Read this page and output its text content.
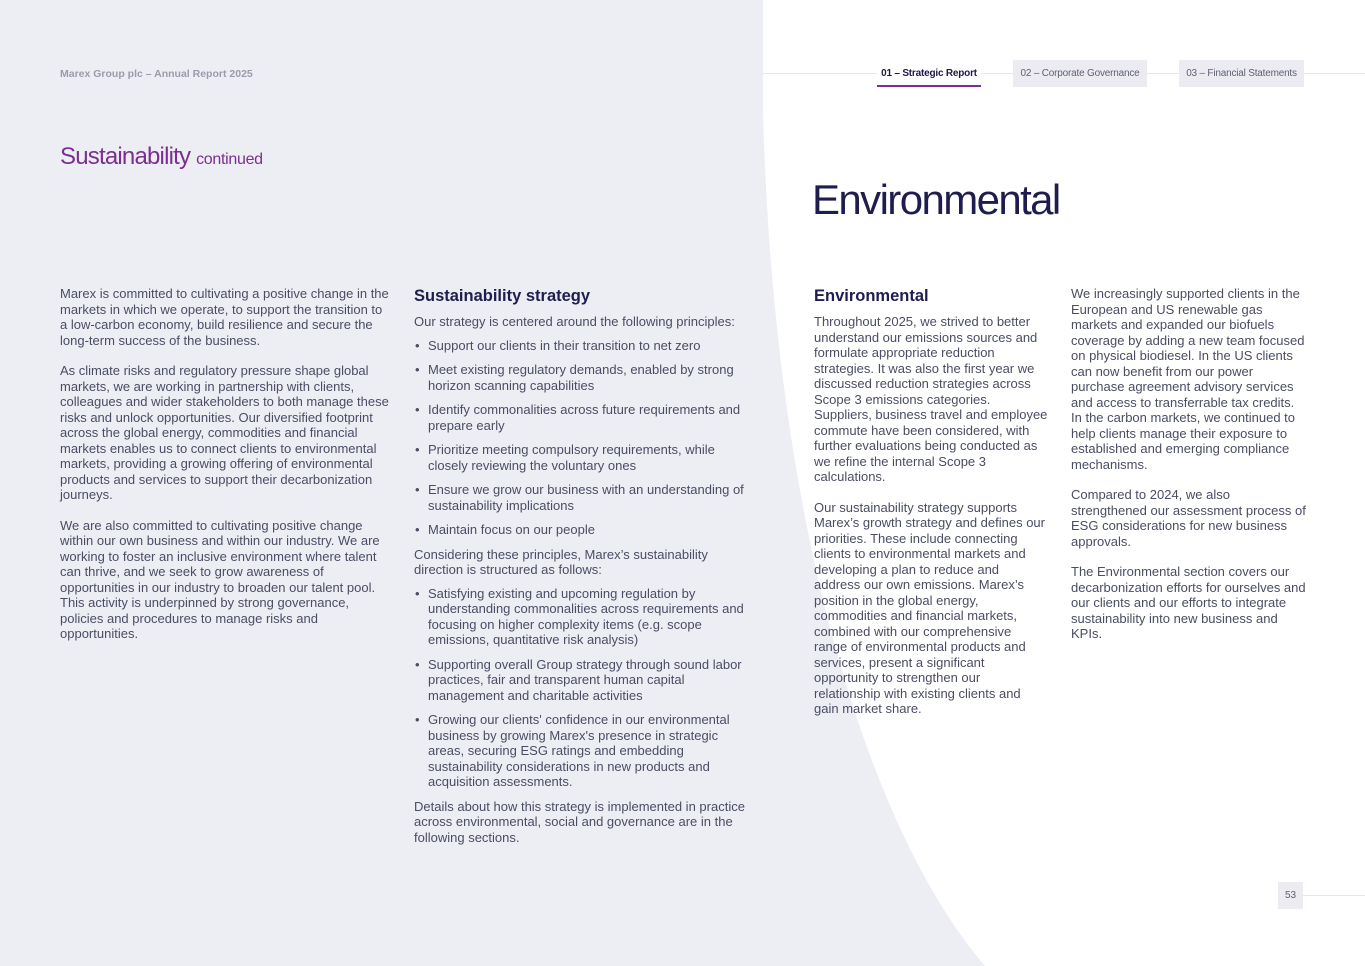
Marex Group plc – Annual Report 2025	01 – Strategic Report	02 – Corporate Governance	03 – Financial Statements
Sustainability continued
Environmental

Marex is committed to cultivating a positive change in the markets in which we operate, to support the transition to a low-carbon economy, build resilience and secure the long-term success of the business.

As climate risks and regulatory pressure shape global markets, we are working in partnership with clients, colleagues and wider stakeholders to both manage these risks and unlock opportunities. Our diversified footprint across the global energy, commodities and financial markets enables us to connect clients to environmental markets, providing a growing offering of environmental products and services to support their decarbonization journeys.

We are also committed to cultivating positive change within our own business and within our industry. We are working to foster an inclusive environment where talent can thrive, and we seek to grow awareness of opportunities in our industry to broaden our talent pool. This activity is underpinned by strong governance, policies and procedures to manage risks and opportunities.

Sustainability strategy

Our strategy is centered around the following principles:

• Support our clients in their transition to net zero
• Meet existing regulatory demands, enabled by strong horizon scanning capabilities
• Identify commonalities across future requirements and prepare early
• Prioritize meeting compulsory requirements, while closely reviewing the voluntary ones
• Ensure we grow our business with an understanding of sustainability implications
• Maintain focus on our people

Considering these principles, Marex’s sustainability direction is structured as follows:

• Satisfying existing and upcoming regulation by understanding commonalities across requirements and focusing on higher complexity items (e.g. scope emissions, quantitative risk analysis)
• Supporting overall Group strategy through sound labor practices, fair and transparent human capital management and charitable activities
• Growing our clients' confidence in our environmental business by growing Marex's presence in strategic areas, securing ESG ratings and embedding sustainability considerations in new products and acquisition assessments.

Details about how this strategy is implemented in practice across environmental, social and governance are in the following sections.

Environmental

Throughout 2025, we strived to better understand our emissions sources and formulate appropriate reduction strategies. It was also the first year we discussed reduction strategies across Scope 3 emissions categories. Suppliers, business travel and employee commute have been considered, with further evaluations being conducted as we refine the internal Scope 3 calculations.

Our sustainability strategy supports Marex’s growth strategy and defines our priorities. These include connecting clients to environmental markets and developing a plan to reduce and address our own emissions. Marex’s position in the global energy, commodities and financial markets, combined with our comprehensive range of environmental products and services, present a significant opportunity to strengthen our relationship with existing clients and gain market share.

We increasingly supported clients in the European and US renewable gas markets and expanded our biofuels coverage by adding a new team focused on physical biodiesel. In the US clients can now benefit from our power purchase agreement advisory services and access to transferrable tax credits. In the carbon markets, we continued to help clients manage their exposure to established and emerging compliance mechanisms.

Compared to 2024, we also strengthened our assessment process of ESG considerations for new business approvals.

The Environmental section covers our decarbonization efforts for ourselves and our clients and our efforts to integrate sustainability into new business and KPIs.

53
